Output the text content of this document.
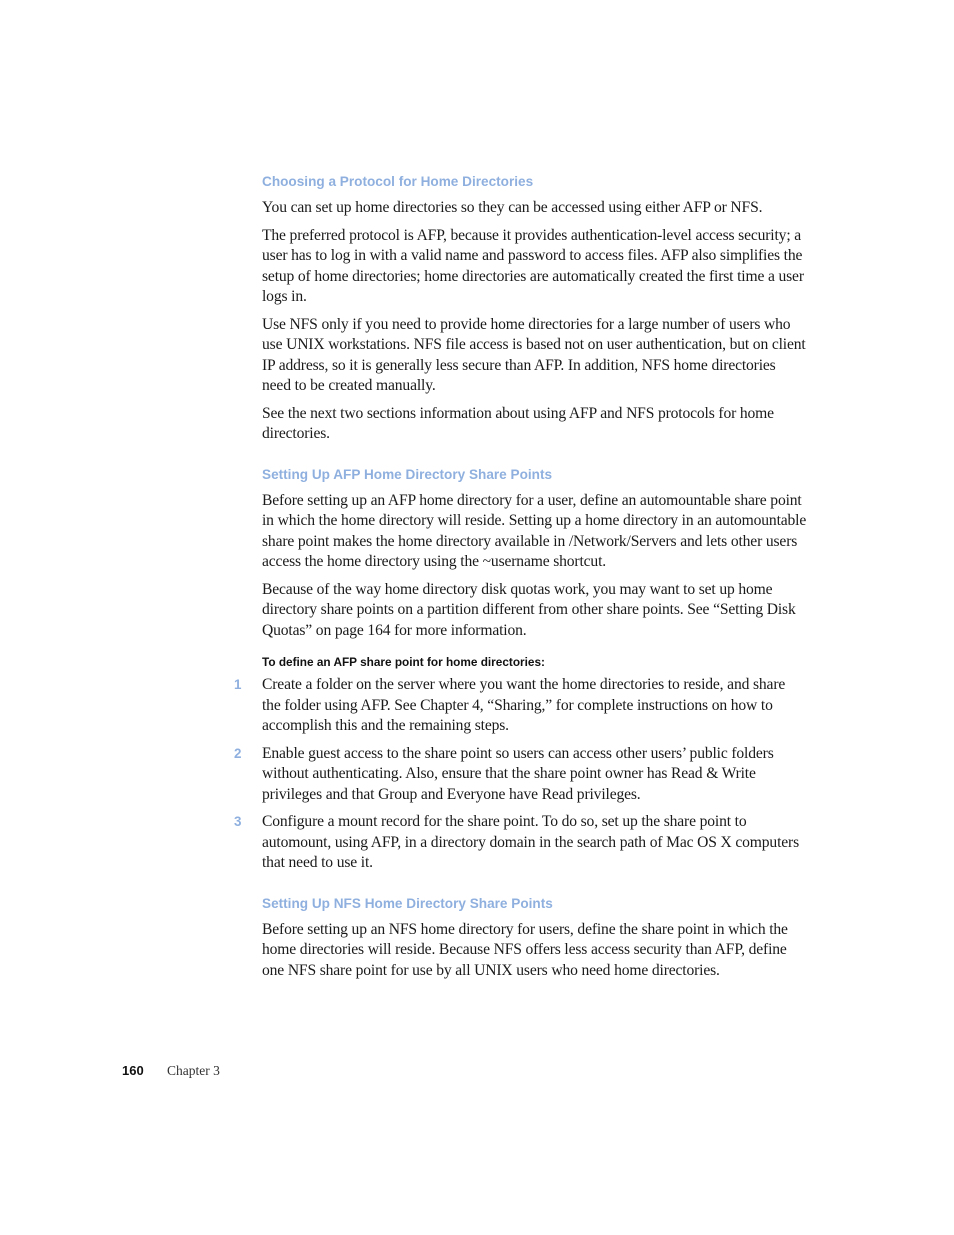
Choosing a Protocol for Home Directories

You can set up home directories so they can be accessed using either AFP or NFS.

The preferred protocol is AFP, because it provides authentication-level access security; a user has to log in with a valid name and password to access files. AFP also simplifies the setup of home directories; home directories are automatically created the first time a user logs in.

Use NFS only if you need to provide home directories for a large number of users who use UNIX workstations. NFS file access is based not on user authentication, but on client IP address, so it is generally less secure than AFP. In addition, NFS home directories need to be created manually.

See the next two sections information about using AFP and NFS protocols for home directories.

Setting Up AFP Home Directory Share Points

Before setting up an AFP home directory for a user, define an automountable share point in which the home directory will reside. Setting up a home directory in an automountable share point makes the home directory available in /Network/Servers and lets other users access the home directory using the ~username shortcut.

Because of the way home directory disk quotas work, you may want to set up home directory share points on a partition different from other share points. See “Setting Disk Quotas” on page 164 for more information.

To define an AFP share point for home directories:
1	Create a folder on the server where you want the home directories to reside, and share the folder using AFP. See Chapter 4, “Sharing,” for complete instructions on how to accomplish this and the remaining steps.

2	Enable guest access to the share point so users can access other users’ public folders without authenticating. Also, ensure that the share point owner has Read & Write privileges and that Group and Everyone have Read privileges.

3	Configure a mount record for the share point. To do so, set up the share point to automount, using AFP, in a directory domain in the search path of Mac OS X computers that need to use it.

Setting Up NFS Home Directory Share Points

Before setting up an NFS home directory for users, define the share point in which the home directories will reside. Because NFS offers less access security than AFP, define one NFS share point for use by all UNIX users who need home directories.

160 Chapter 3
